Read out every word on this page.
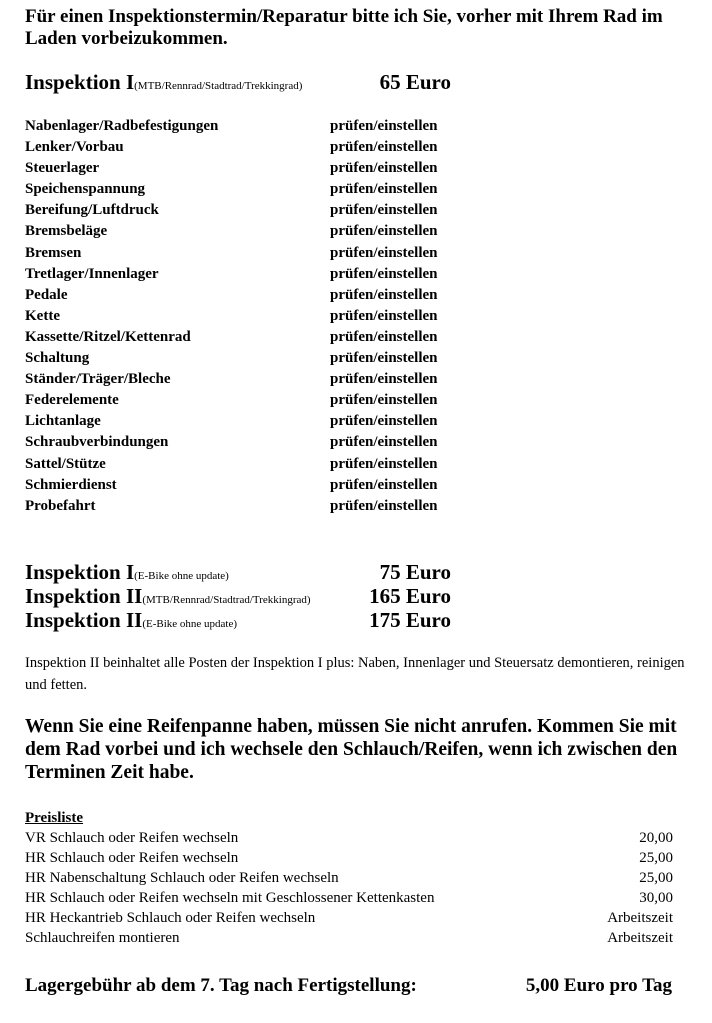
Für einen Inspektionstermin/Reparatur bitte ich Sie, vorher mit Ihrem Rad im Laden vorbeizukommen.
Inspektion I(MTB/Rennrad/Stadtrad/Trekkingrad)	65 Euro
Nabenlager/Radbefestigungen	prüfen/einstellen
Lenker/Vorbau	prüfen/einstellen
Steuerlager	prüfen/einstellen
Speichenspannung	prüfen/einstellen
Bereifung/Luftdruck	prüfen/einstellen
Bremsbeläge	prüfen/einstellen
Bremsen	prüfen/einstellen
Tretlager/Innenlager	prüfen/einstellen
Pedale	prüfen/einstellen
Kette	prüfen/einstellen
Kassette/Ritzel/Kettenrad	prüfen/einstellen
Schaltung	prüfen/einstellen
Ständer/Träger/Bleche	prüfen/einstellen
Federelemente	prüfen/einstellen
Lichtanlage	prüfen/einstellen
Schraubverbindungen	prüfen/einstellen
Sattel/Stütze	prüfen/einstellen
Schmierdienst	prüfen/einstellen
Probefahrt	prüfen/einstellen
Inspektion I(E-Bike ohne update)	75 Euro
Inspektion II(MTB/Rennrad/Stadtrad/Trekkingrad)	165 Euro
Inspektion II(E-Bike ohne update)	175 Euro
Inspektion II beinhaltet alle Posten der Inspektion I plus: Naben, Innenlager und Steuersatz demontieren, reinigen und fetten.
Wenn Sie eine Reifenpanne haben, müssen Sie nicht anrufen. Kommen Sie mit dem Rad vorbei und ich wechsele den Schlauch/Reifen, wenn ich zwischen den Terminen Zeit habe.
Preisliste
VR Schlauch oder Reifen wechseln	20,00
HR Schlauch oder Reifen wechseln	25,00
HR Nabenschaltung Schlauch oder Reifen wechseln	25,00
HR Schlauch oder Reifen wechseln mit Geschlossener Kettenkasten	30,00
HR Heckantrieb Schlauch oder Reifen wechseln	Arbeitszeit
Schlauchreifen montieren	Arbeitszeit
Lagergebühr ab dem 7. Tag nach Fertigstellung:	5,00 Euro pro Tag
